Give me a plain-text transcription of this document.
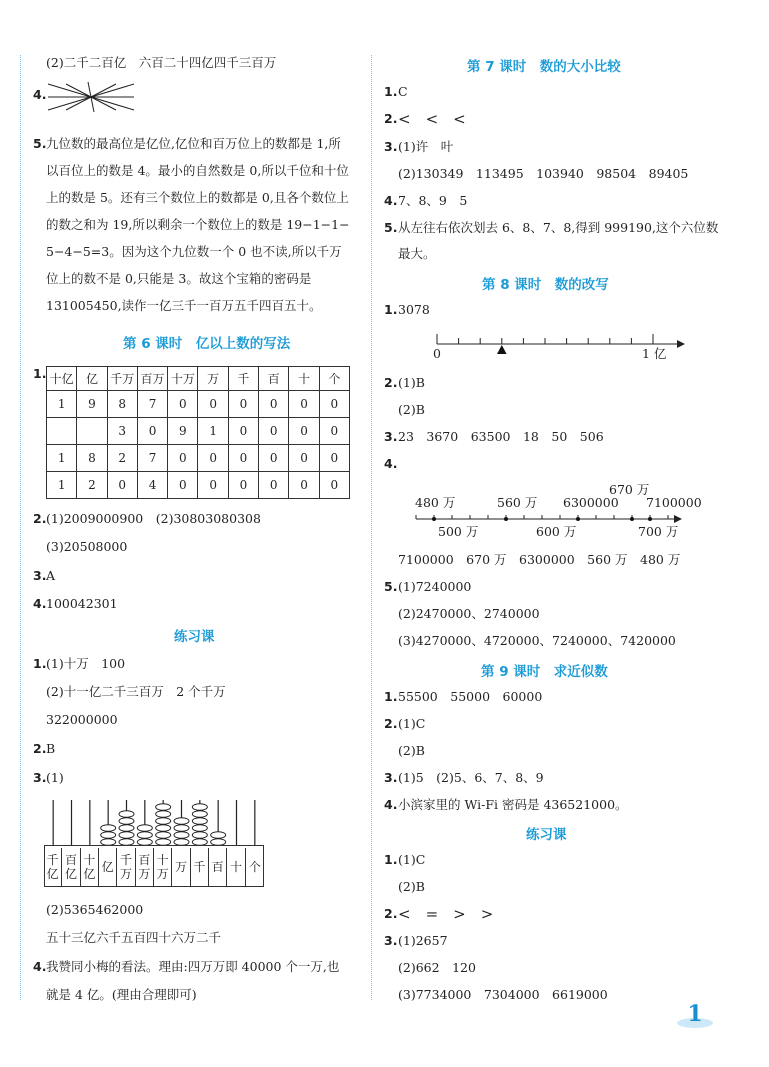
(2)二千二百亿　六百二十四亿四千三百万
4.
5. 九位数的最高位是亿位,亿位和百万位上的数都是 1,所
以百位上的数是 4。最小的自然数是 0,所以千位和十位
上的数是 5。还有三个数位上的数都是 0,且各个数位上
的数之和为 19,所以剩余一个数位上的数是 19−1−1−
5−4−5=3。因为这个九位数一个 0 也不读,所以千万
位上的数不是 0,只能是 3。故这个宝箱的密码是
131005450,读作一亿三千一百万五千四百五十。
第 6 课时　亿以上数的写法
1. 十亿	亿	千万	百万	十万	万	千	百	十	个
1	9	8	7	0	0	0	0	0	0
		3	0	9	1	0	0	0	0
1	8	2	7	0	0	0	0	0	0
1	2	0	4	0	0	0	0	0	0
2. (1)2009000900　(2)30803080308
(3)20508000
3. A
4. 100042301
练习课
1. (1)十万　100
(2)十一亿二千三百万　2 个千万
322000000
2. B
3. (1)
千亿
百亿
十亿 亿 千万
百万
十万 万 千 百 十 个
(2)5365462000
五十三亿六千五百四十六万二千
4. 我赞同小梅的看法。理由:四万万即 40000 个一万,也
就是 4 亿。(理由合理即可)
第 7 课时　数的大小比较
1. C
2. <　<　<
3. (1)许　叶
(2)130349　113495　103940　98504　89405
4. 7、8、9　5
5. 从左往右依次划去 6、8、7、8,得到 999190,这个六位数
最大。
第 8 课时　数的改写
1. 3078
0	1 亿
2. (1)B
(2)B
3. 23　3670　63500　18　50　506
4.
670 万
480 万	560 万 6300000 7100000
500 万	600 万	700 万
7100000　670 万　6300000　560 万　480 万
5. (1)7240000
(2)2470000、2740000
(3)4270000、4720000、7240000、7420000
第 9 课时　求近似数
1. 55500　55000　60000
2. (1)C
(2)B
3. (1)5　(2)5、6、7、8、9
4. 小滨家里的 Wi-Fi 密码是 436521000。
练习课
1. (1)C
(2)B
2. <　=　>　>
3. (1)2657
(2)662　120
(3)7734000　7304000　6619000
1
